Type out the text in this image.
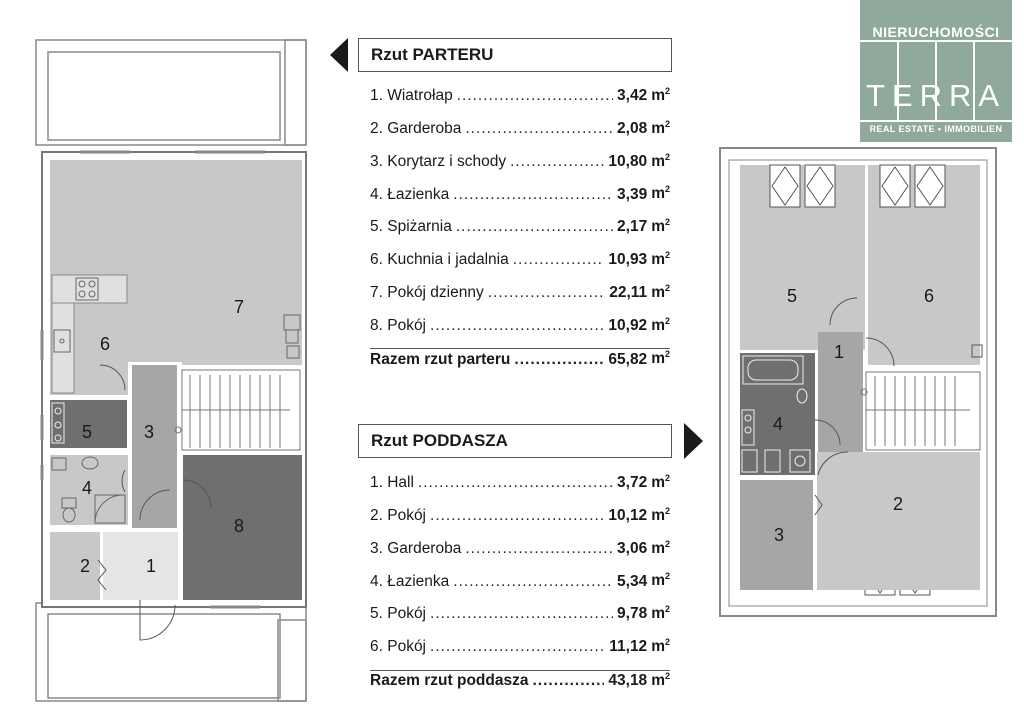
1
2
3
4
5
6
7
8
1
2
3
4
5	6
NIERUCHOMOŚCI
TERRA
REAL ESTATE • IMMOBILIEN
Rzut PARTERU
1. Wiatrołap .....	3,42 $m^2$
2. Garderoba .....	2,08 $m^2$
3. Korytarz i schody .....	10,80 $m^2$
4. Łazienka .....	3,39 $m^2$
5. Spiżarnia .....	2,17 $m^2$
6. Kuchnia i jadalnia .....	10,93 $m^2$
7. Pokój dzienny .....	22,11 $m^2$
8. Pokój .....	10,92 $m^2$
Razem rzut parteru .....	65,82 $m^2$
Rzut PODDASZA
1. Hall .....	3,72 $m^2$
2. Pokój .....	10,12 $m^2$
3. Garderoba .....	3,06 $m^2$
4. Łazienka .....	5,34 $m^2$
5. Pokój .....	9,78 $m^2$
6. Pokój .....	11,12 $m^2$
Razem rzut poddasza .....	43,18 $m^2$
